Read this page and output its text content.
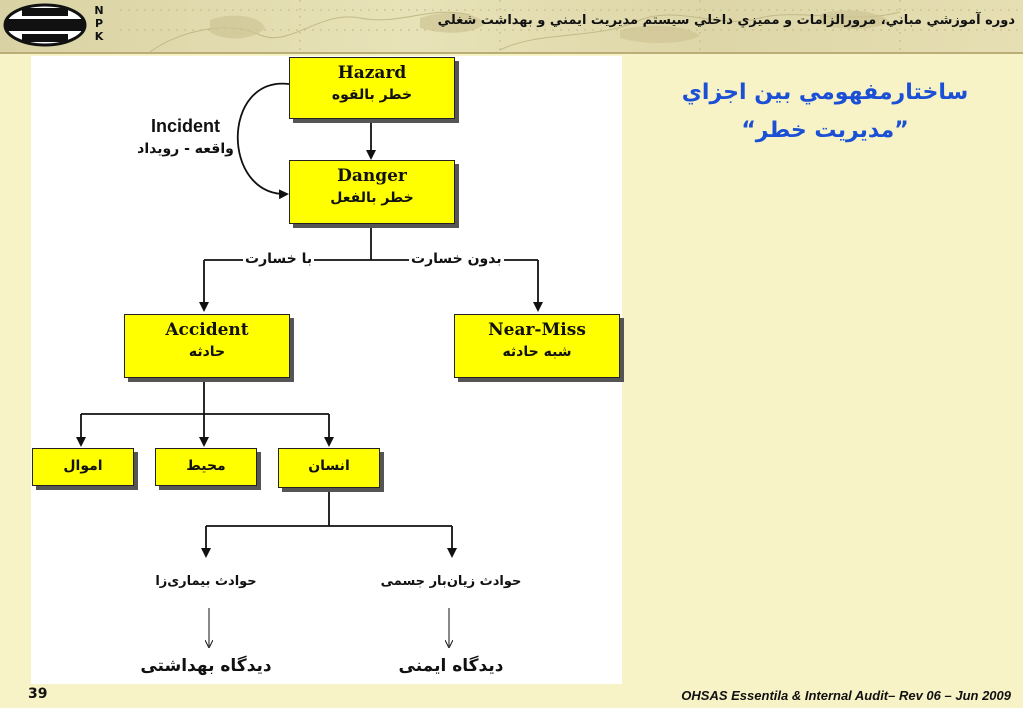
N
P
K
دوره آموزشي مباني، مرورالزامات و مميزي داخلي سيستم مديريت ايمني و بهداشت شغلي
Hazard
خطر بالقوه
Incident
واقعه - رویداد
Danger
خطر بالفعل
با خسارت	بدون خسارت
Accident
حادثه
Near-Miss
شبه حادثه
اموال	محيط	انسان
حوادث بیماری‌زا	حوادث زیان‌بار جسمی
دیدگاه بهداشتی	دیدگاه ایمنی
ساختارمفهومي بين اجزاي
”مديريت خطر“
39	OHSAS Essentila & Internal Audit– Rev 06 – Jun 2009
